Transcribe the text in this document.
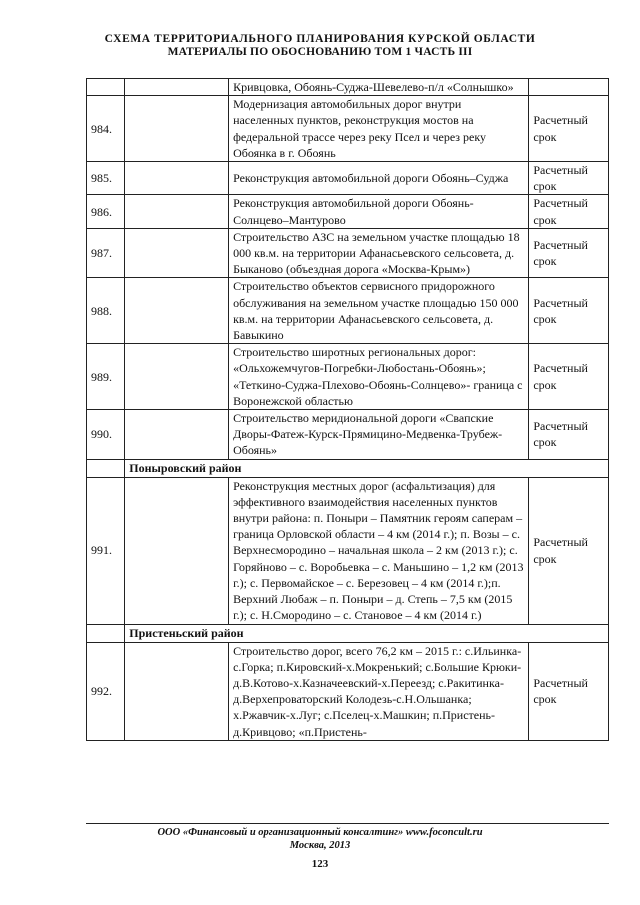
СХЕМА ТЕРРИТОРИАЛЬНОГО ПЛАНИРОВАНИЯ КУРСКОЙ ОБЛАСТИ
МАТЕРИАЛЫ ПО ОБОСНОВАНИЮ ТОМ 1 ЧАСТЬ III
		Кривцовка, Обоянь-Суджа-Шевелево-п/л «Солнышко»	
984.		Модернизация автомобильных дорог внутри населенных пунктов, реконструкция мостов на федеральной трассе через реку Псел и через реку Обоянка в г. Обоянь	Расчетный срок
985.		Реконструкция автомобильной дороги Обоянь–Суджа	Расчетный срок
986.		Реконструкция автомобильной дороги Обоянь-Солнцево–Мантурово	Расчетный срок
987.		Строительство АЗС на земельном участке площадью 18 000 кв.м. на территории Афанасьевского сельсовета, д. Быканово (объездная дорога «Москва-Крым»)	Расчетный срок
988.		Строительство объектов сервисного придорожного обслуживания на земельном участке площадью 150 000 кв.м. на территории Афанасьевского сельсовета, д. Бавыкино	Расчетный срок
989.		Строительство широтных региональных дорог: «Ольхожемчугов-Погребки-Любостань-Обоянь»; «Теткино-Суджа-Плехово-Обоянь-Солнцево»- граница с Воронежской областью	Расчетный срок
990.		Строительство меридиональной дороги «Свапские Дворы-Фатеж-Курск-Прямицино-Медвенка-Трубеж-Обоянь»	Расчетный срок
	Поныровский район		
991.		Реконструкция местных дорог (асфальтизация) для эффективного взаимодействия населенных пунктов внутри района: п. Поныри – Памятник героям саперам – граница Орловской области – 4 км (2014 г.); п. Возы – с. Верхнесмородино – начальная школа – 2 км (2013 г.); с. Горяйново – с. Воробьевка – с. Маньшино – 1,2 км (2013 г.); с. Первомайское – с. Березовец – 4 км (2014 г.);п. Верхний Любаж – п. Поныри – д. Степь – 7,5 км (2015 г.); с. Н.Смородино – с. Становое – 4 км (2014 г.)	Расчетный срок
	Пристеньский район		
992.		Строительство дорог, всего 76,2 км – 2015 г.: с.Ильинка-с.Горка; п.Кировский-х.Мокренький; с.Большие Крюки-д.В.Котово-х.Казначеевский-х.Переезд; с.Ракитинка-д.Верхепроваторский Колодезь-с.Н.Ольшанка; х.Ржавчик-х.Луг; с.Пселец-х.Машкин; п.Пристень-д.Кривцово; «п.Пристень-	Расчетный срок
ООО «Финансовый и организационный консалтинг» www.foconcult.ru
Москва, 2013
123
